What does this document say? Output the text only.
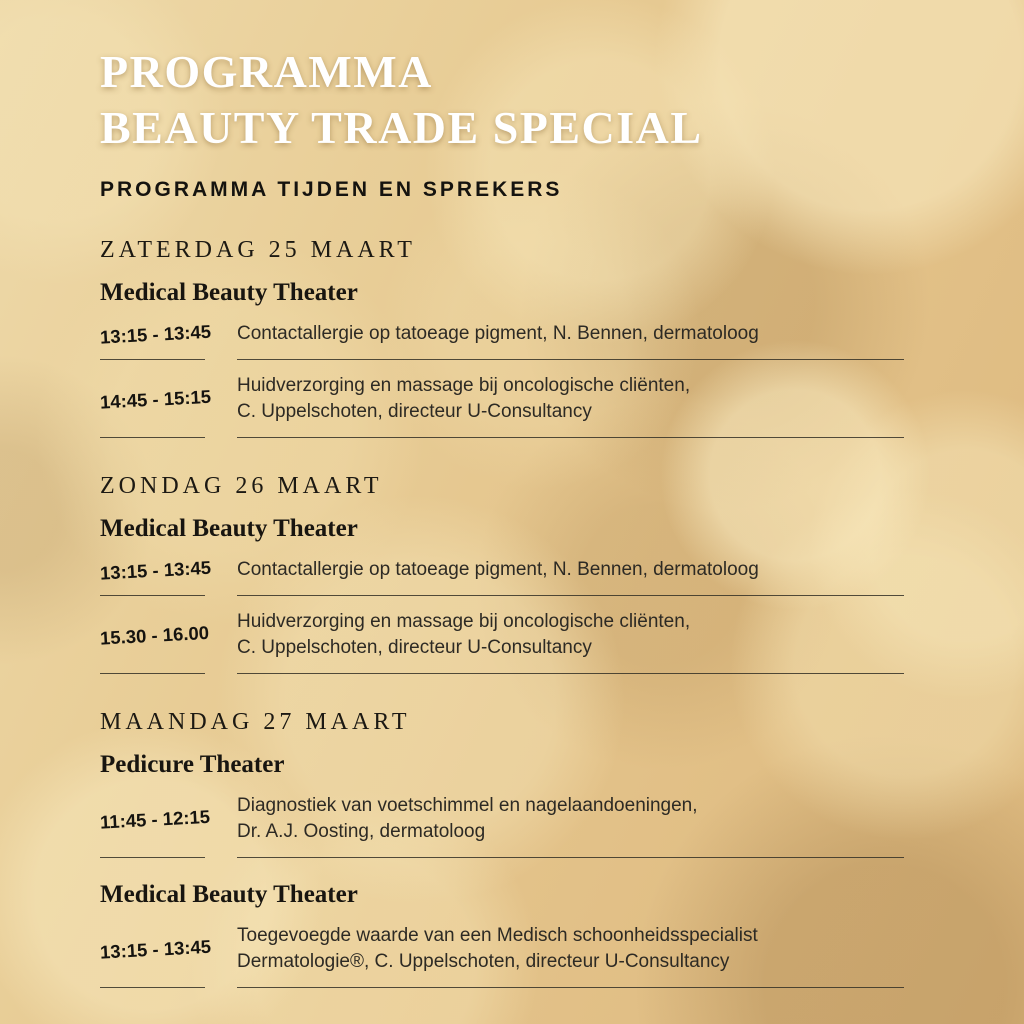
PROGRAMMA
BEAUTY TRADE SPECIAL
PROGRAMMA TIJDEN EN SPREKERS
ZATERDAG 25 MAART
Medical Beauty Theater
13:15 - 13:45	Contactallergie op tatoeage pigment, N. Bennen, dermatoloog
14:45 - 15:15
Huidverzorging en massage bij oncologische cliënten,
C. Uppelschoten, directeur U-Consultancy
ZONDAG 26 MAART
Medical Beauty Theater
13:15 - 13:45	Contactallergie op tatoeage pigment, N. Bennen, dermatoloog
15.30 - 16.00
Huidverzorging en massage bij oncologische cliënten,
C. Uppelschoten, directeur U-Consultancy
MAANDAG 27 MAART
Pedicure Theater
11:45 - 12:15
Diagnostiek van voetschimmel en nagelaandoeningen,
Dr. A.J. Oosting, dermatoloog
Medical Beauty Theater
13:15 - 13:45
Toegevoegde waarde van een Medisch schoonheidsspecialist
Dermatologie®, C. Uppelschoten, directeur U-Consultancy
